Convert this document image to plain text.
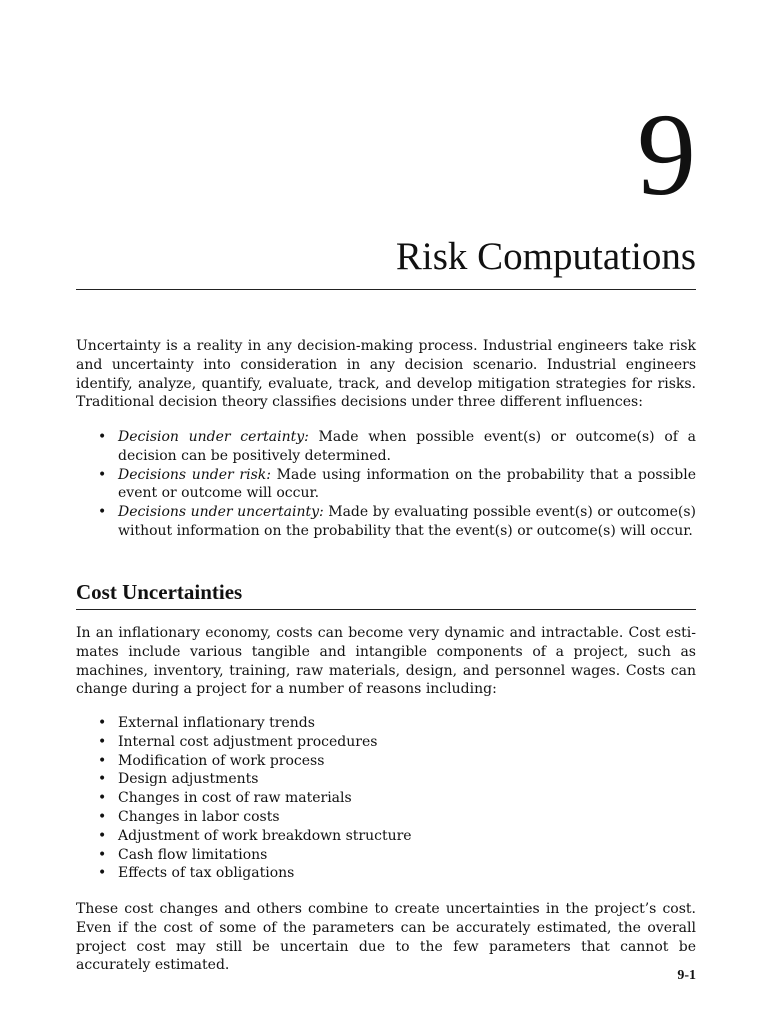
9
Risk Computations

Uncertainty is a reality in any decision-making process. Industrial engineers take risk and uncertainty into consideration in any decision scenario. Industrial engineers identify, analyze, quantify, evaluate, track, and develop mitigation strategies for risks. Traditional decision theory classifies decisions under three different influences:

• Decision under certainty: Made when possible event(s) or outcome(s) of a decision can be positively determined.
• Decisions under risk: Made using information on the probability that a possible event or outcome will occur.
• Decisions under uncertainty: Made by evaluating possible event(s) or outcome(s) without information on the probability that the event(s) or outcome(s) will occur.
Cost Uncertainties

In an inflationary economy, costs can become very dynamic and intractable. Cost esti-mates include various tangible and intangible components of a project, such as machines, inventory, training, raw materials, design, and personnel wages. Costs can change during a project for a number of reasons including:

• External inflationary trends
• Internal cost adjustment procedures
• Modification of work process
• Design adjustments
• Changes in cost of raw materials
• Changes in labor costs
• Adjustment of work breakdown structure
• Cash flow limitations
• Effects of tax obligations

These cost changes and others combine to create uncertainties in the project’s cost. Even if the cost of some of the parameters can be accurately estimated, the overall project cost may still be uncertain due to the few parameters that cannot be accurately estimated.

9-1
